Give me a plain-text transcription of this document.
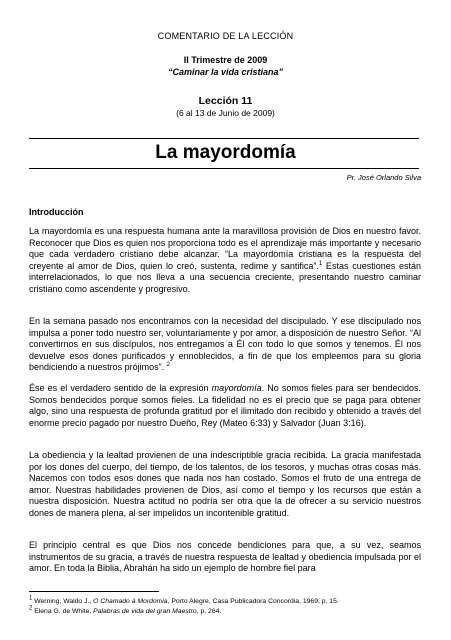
COMENTARIO DE LA LECCIÓN
II Trimestre de 2009
“Caminar la vida cristiana”
Lección 11
(6 al 13 de Junio de 2009)
La mayordomía
Pr. José Orlando Silva
Introducción
La mayordomía es una respuesta humana ante la maravillosa provisión de Dios en nuestro favor. Reconocer que Dios es quien nos proporciona todo es el aprendizaje más importante y necesario que cada verdadero cristiano debe alcanzar. “La mayordomía cristiana es la respuesta del creyente al amor de Dios, quien lo creó, sustenta, redime y santifica”.$^1$ Estas cuestiones están interrelacionados, lo que nos lleva a una secuencia creciente, presentando nuestro caminar cristiano como ascendente y progresivo.
En la semana pasado nos encontramos con la necesidad del discipulado. Y ese discipulado nos impulsa a poner todo nuestro ser, voluntariamente y por amor, a disposición de nuestro Señor. “Al convertirnos en sus discípulos, nos entregamos a Él con todo lo que somos y tenemos. Él nos devuelve esos dones purificados y ennoblecidos, a fin de que los empleemos para su gloria bendiciendo a nuestros prójimos”. $^2$
Ése es el verdadero sentido de la expresión mayordomía. No somos fieles para ser bendecidos. Somos bendecidos porque somos fieles. La fidelidad no es el precio que se paga para obtener algo, sino una respuesta de profunda gratitud por el ilimitado don recibido y obtenido a través del enorme precio pagado por nuestro Dueño, Rey (Mateo 6:33) y Salvador (Juan 3:16).
La obediencia y la lealtad provienen de una indescriptible gracia recibida. La gracia manifestada por los dones del cuerpo, del tiempo, de los talentos, de los tesoros, y muchas otras cosas más. Nacemos con todos esos dones que nada nos han costado. Somos el fruto de una entrega de amor. Nuestras habilidades provienen de Dios, así como el tiempo y los recursos que están a nuestra disposición. Nuestra actitud no podría ser otra que la de ofrecer a su servicio nuestros dones de manera plena, al ser impelidos un incontenible gratitud.
El principio central es que Dios nos concede bendiciones para que, a su vez, seamos instrumentos de su gracia, a través de nuestra respuesta de lealtad y obediencia impulsada por el amor. En toda la Biblia, Abrahán ha sido un ejemplo de hombre fiel para
$^1$ Werning, Waldo J., O Chamado à Mordomia, Porto Alegre, Casa Publicadora Concordia, 1969, p. 15.
$^2$ Elena G. de White, Palabras de vida del gran Maestro, p. 264.
